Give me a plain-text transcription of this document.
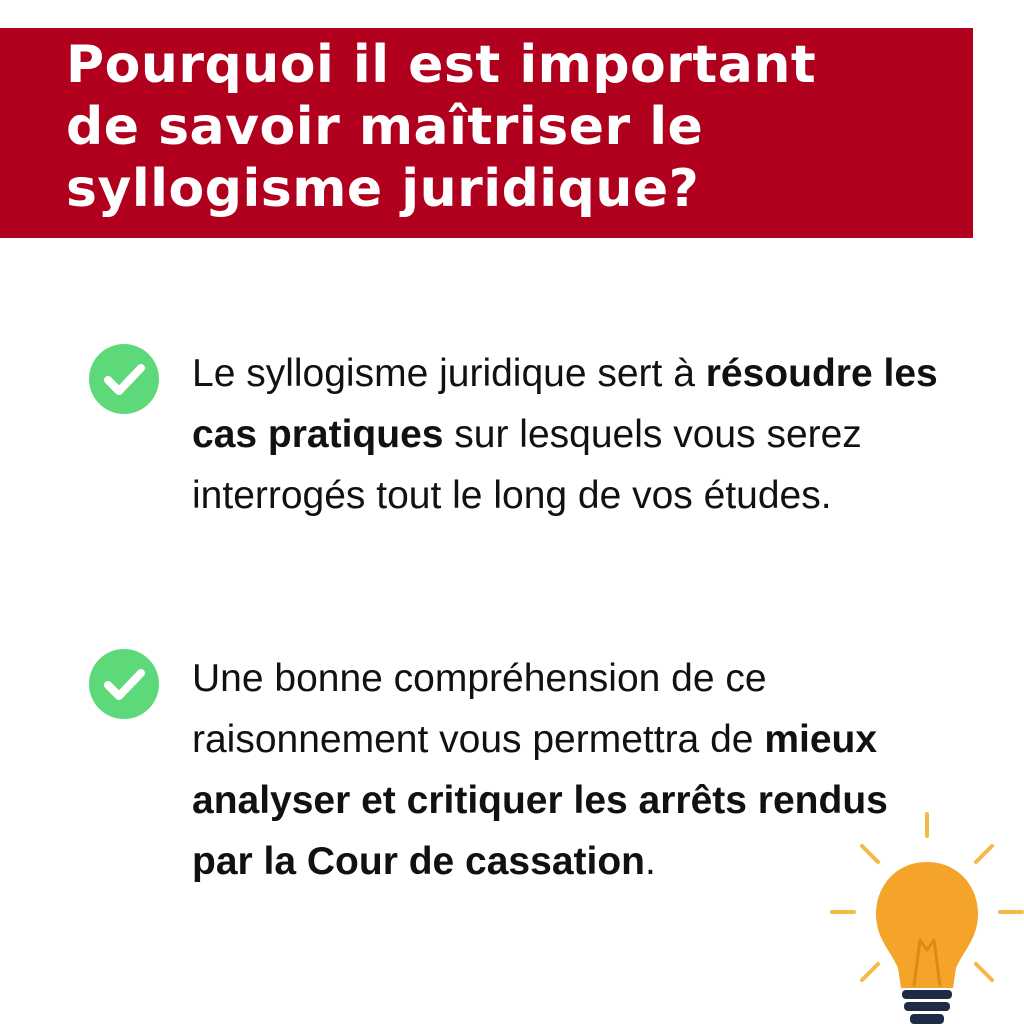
Pourquoi il est important
de savoir maîtriser le
syllogisme juridique?

Le syllogisme juridique sert à résoudre les cas pratiques sur lesquels vous serez interrogés tout le long de vos études.

Une bonne compréhension de ce raisonnement vous permettra de mieux analyser et critiquer les arrêts rendus par la Cour de cassation.
